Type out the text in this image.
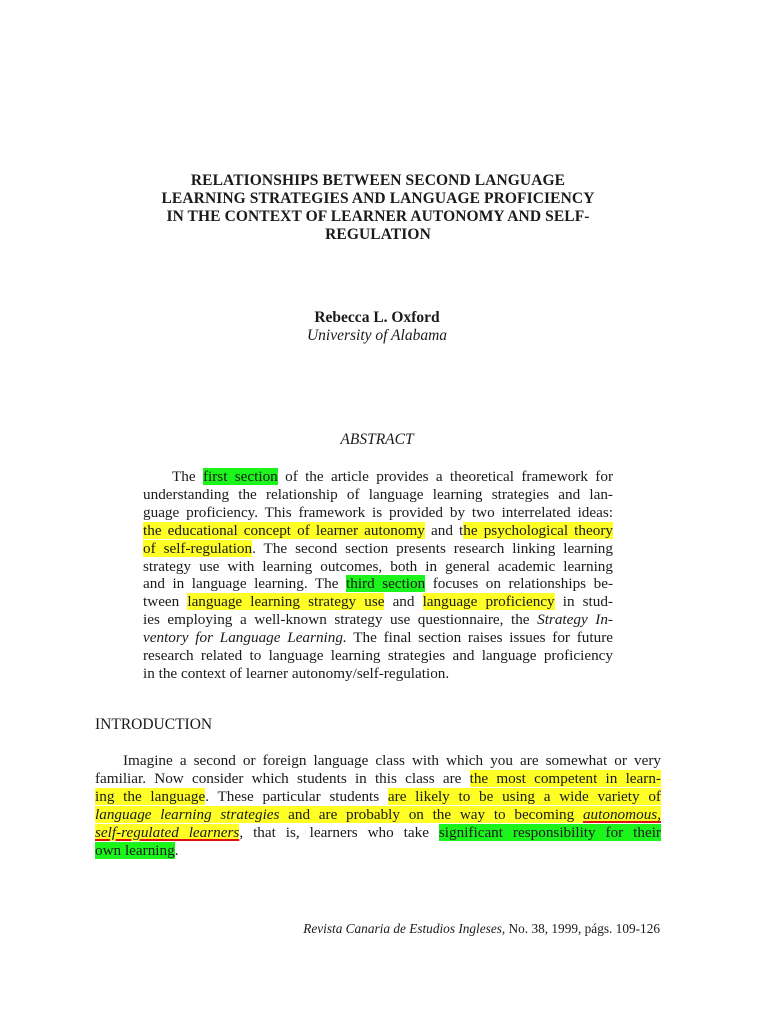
RELATIONSHIPS BETWEEN SECOND LANGUAGE
LEARNING STRATEGIES AND LANGUAGE PROFICIENCY
IN THE CONTEXT OF LEARNER AUTONOMY AND SELF-
REGULATION
Rebecca L. Oxford
University of Alabama
ABSTRACT
The first section of the article provides a theoretical framework for
understanding the relationship of language learning strategies and lan-
guage proficiency. This framework is provided by two interrelated ideas:
the educational concept of learner autonomy and the psychological theory
of self-regulation. The second section presents research linking learning
strategy use with learning outcomes, both in general academic learning
and in language learning. The third section focuses on relationships be-
tween language learning strategy use and language proficiency in stud-
ies employing a well-known strategy use questionnaire, the Strategy In-
ventory for Language Learning. The final section raises issues for future
research related to language learning strategies and language proficiency
in the context of learner autonomy/self-regulation.
INTRODUCTION
Imagine a second or foreign language class with which you are somewhat or very
familiar. Now consider which students in this class are the most competent in learn-
ing the language. These particular students are likely to be using a wide variety of
language learning strategies and are probably on the way to becoming autonomous,
self-regulated learners, that is, learners who take significant responsibility for their
own learning.
Revista Canaria de Estudios Ingleses, No. 38, 1999, págs. 109-126
